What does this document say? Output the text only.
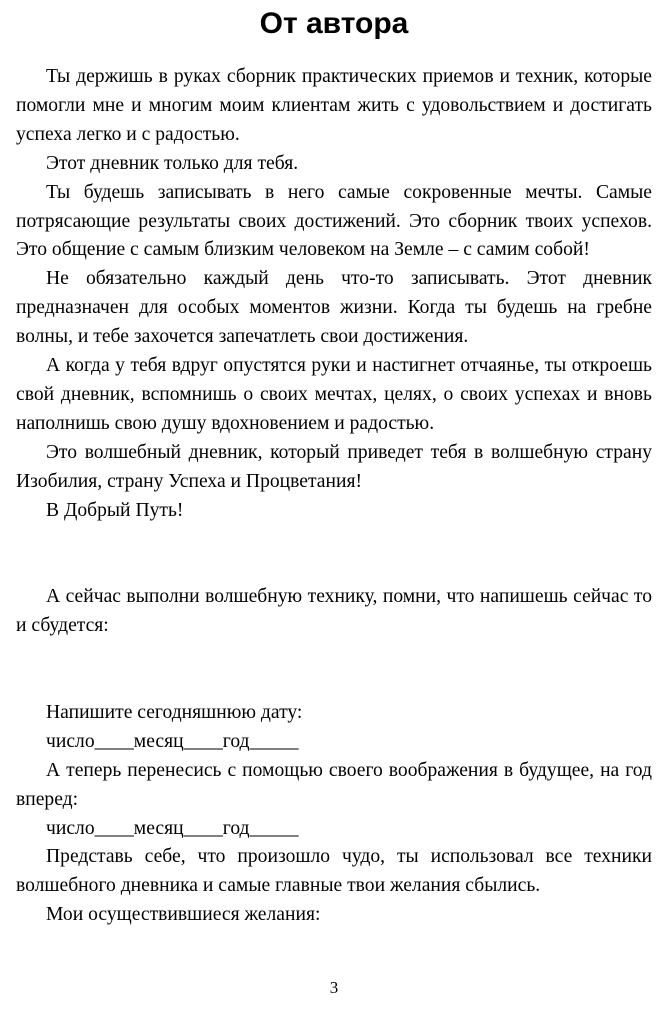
От автора

Ты держишь в руках сборник практических приемов и техник, которые помогли мне и многим моим клиентам жить с удовольствием и достигать успеха легко и с радостью.

Этот дневник только для тебя.

Ты будешь записывать в него самые сокровенные мечты. Самые потрясающие результаты своих достижений. Это сборник твоих успехов. Это общение с самым близким человеком на Земле – с самим собой!

Не обязательно каждый день что-то записывать. Этот дневник предназначен для особых моментов жизни. Когда ты будешь на гребне волны, и тебе захочется запечатлеть свои достижения.

А когда у тебя вдруг опустятся руки и настигнет отчаянье, ты откроешь свой дневник, вспомнишь о своих мечтах, целях, о своих успехах и вновь наполнишь свою душу вдохновением и радостью.

Это волшебный дневник, который приведет тебя в волшебную страну Изобилия, страну Успеха и Процветания!

В Добрый Путь!

А сейчас выполни волшебную технику, помни, что напишешь сейчас то и сбудется:

Напишите сегодняшнюю дату:

число____месяц____год_____

А теперь перенесись с помощью своего воображения в будущее, на год вперед:

число____месяц____год_____

Представь себе, что произошло чудо, ты использовал все техники волшебного дневника и самые главные твои желания сбылись.

Мои осуществившиеся желания:

3
